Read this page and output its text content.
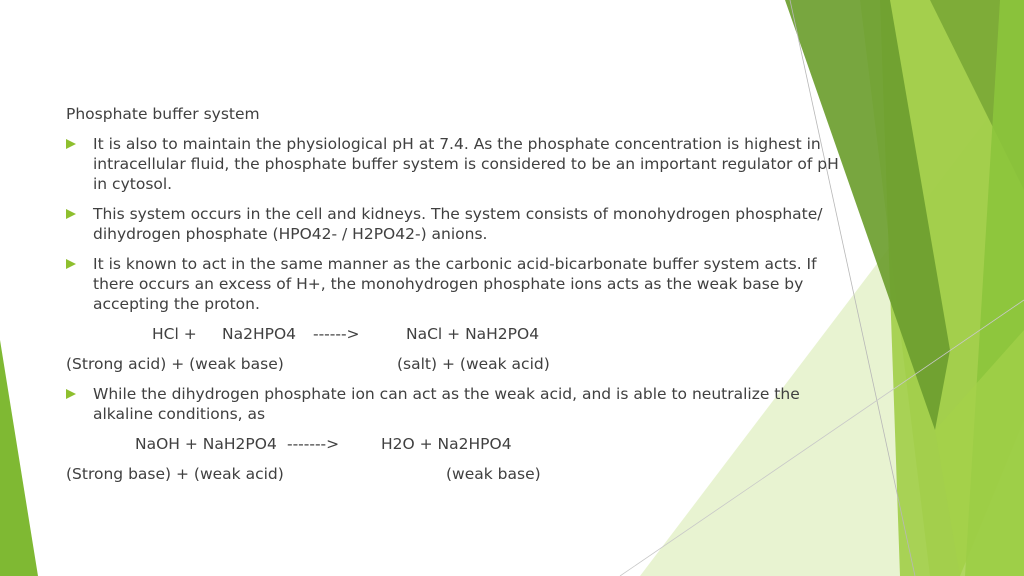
Phosphate buffer system

It is also to maintain the physiological pH at 7.4. As the phosphate concentration is highest in
intracellular fluid, the phosphate buffer system is considered to be an important regulator of pH
in cytosol.
This system occurs in the cell and kidneys. The system consists of monohydrogen phosphate/
dihydrogen phosphate (HPO42- / H2PO42-) anions.
It is known to act in the same manner as the carbonic acid-bicarbonate buffer system acts. If
there occurs an excess of H+, the monohydrogen phosphate ions acts as the weak base by
accepting the proton.
HCl + Na2HPO4 ------>	NaCl + NaH2PO4
(Strong acid) + (weak base)	(salt) + (weak acid)
While the dihydrogen phosphate ion can act as the weak acid, and is able to neutralize the
alkaline conditions, as
NaOH + NaH2PO4 ------->	H2O + Na2HPO4
(Strong base) + (weak acid)	(weak base)
